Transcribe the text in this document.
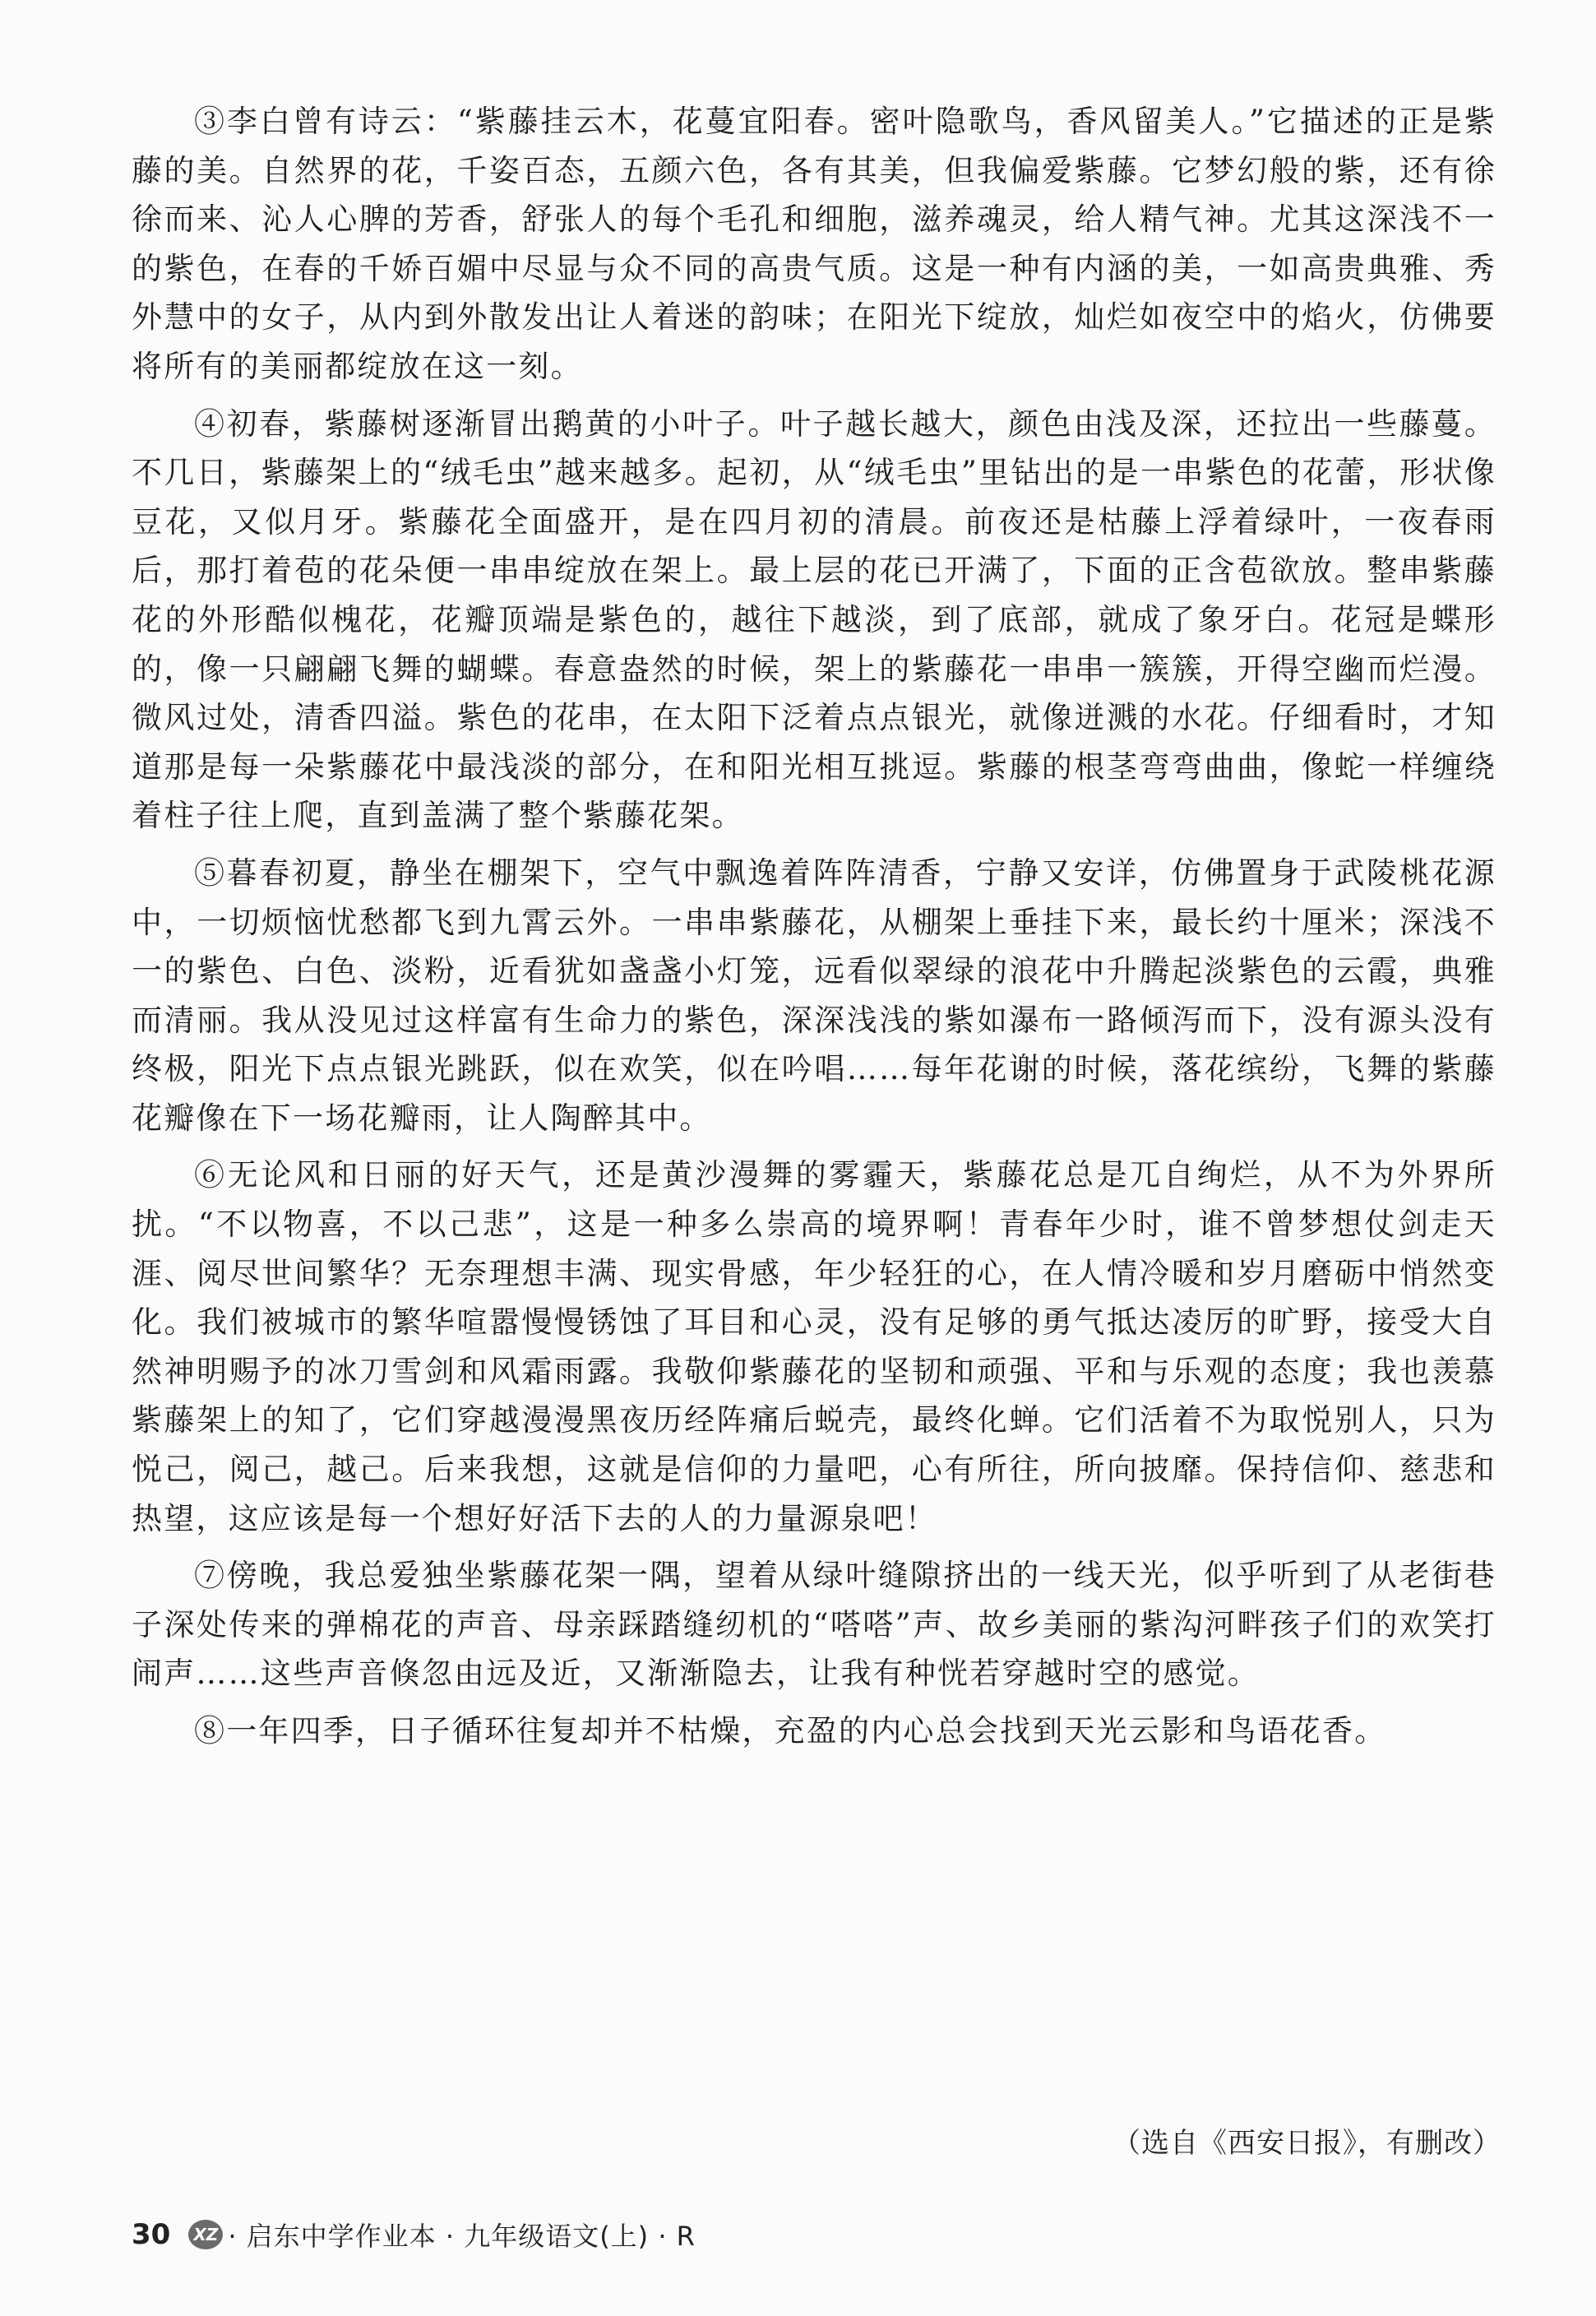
③李白曾有诗云：“紫藤挂云木，花蔓宜阳春。密叶隐歌鸟，香风留美人。”它描述的正是紫藤的美。自然界的花，千姿百态，五颜六色，各有其美，但我偏爱紫藤。它梦幻般的紫，还有徐徐而来、沁人心脾的芳香，舒张人的每个毛孔和细胞，滋养魂灵，给人精气神。尤其这深浅不一的紫色，在春的千娇百媚中尽显与众不同的高贵气质。这是一种有内涵的美，一如高贵典雅、秀外慧中的女子，从内到外散发出让人着迷的韵味；在阳光下绽放，灿烂如夜空中的焰火，仿佛要将所有的美丽都绽放在这一刻。

④初春，紫藤树逐渐冒出鹅黄的小叶子。叶子越长越大，颜色由浅及深，还拉出一些藤蔓。不几日，紫藤架上的“绒毛虫”越来越多。起初，从“绒毛虫”里钻出的是一串紫色的花蕾，形状像豆花，又似月牙。紫藤花全面盛开，是在四月初的清晨。前夜还是枯藤上浮着绿叶，一夜春雨后，那打着苞的花朵便一串串绽放在架上。最上层的花已开满了，下面的正含苞欲放。整串紫藤花的外形酷似槐花，花瓣顶端是紫色的，越往下越淡，到了底部，就成了象牙白。花冠是蝶形的，像一只翩翩飞舞的蝴蝶。春意盎然的时候，架上的紫藤花一串串一簇簇，开得空幽而烂漫。微风过处，清香四溢。紫色的花串，在太阳下泛着点点银光，就像迸溅的水花。仔细看时，才知道那是每一朵紫藤花中最浅淡的部分，在和阳光相互挑逗。紫藤的根茎弯弯曲曲，像蛇一样缠绕着柱子往上爬，直到盖满了整个紫藤花架。

⑤暮春初夏，静坐在棚架下，空气中飘逸着阵阵清香，宁静又安详，仿佛置身于武陵桃花源中，一切烦恼忧愁都飞到九霄云外。一串串紫藤花，从棚架上垂挂下来，最长约十厘米；深浅不一的紫色、白色、淡粉，近看犹如盏盏小灯笼，远看似翠绿的浪花中升腾起淡紫色的云霞，典雅而清丽。我从没见过这样富有生命力的紫色，深深浅浅的紫如瀑布一路倾泻而下，没有源头没有终极，阳光下点点银光跳跃，似在欢笑，似在吟唱……每年花谢的时候，落花缤纷，飞舞的紫藤花瓣像在下一场花瓣雨，让人陶醉其中。

⑥无论风和日丽的好天气，还是黄沙漫舞的雾霾天，紫藤花总是兀自绚烂，从不为外界所扰。“不以物喜，不以己悲”，这是一种多么崇高的境界啊！青春年少时，谁不曾梦想仗剑走天涯、阅尽世间繁华？无奈理想丰满、现实骨感，年少轻狂的心，在人情冷暖和岁月磨砺中悄然变化。我们被城市的繁华喧嚣慢慢锈蚀了耳目和心灵，没有足够的勇气抵达凌厉的旷野，接受大自然神明赐予的冰刀雪剑和风霜雨露。我敬仰紫藤花的坚韧和顽强、平和与乐观的态度；我也羡慕紫藤架上的知了，它们穿越漫漫黑夜历经阵痛后蜕壳，最终化蝉。它们活着不为取悦别人，只为悦己，阅己，越己。后来我想，这就是信仰的力量吧，心有所往，所向披靡。保持信仰、慈悲和热望，这应该是每一个想好好活下去的人的力量源泉吧！

⑦傍晚，我总爱独坐紫藤花架一隅，望着从绿叶缝隙挤出的一线天光，似乎听到了从老街巷子深处传来的弹棉花的声音、母亲踩踏缝纫机的“嗒嗒”声、故乡美丽的紫沟河畔孩子们的欢笑打闹声……这些声音倏忽由远及近，又渐渐隐去，让我有种恍若穿越时空的感觉。

⑧一年四季，日子循环往复却并不枯燥，充盈的内心总会找到天光云影和鸟语花香。

（选自《西安日报》，有删改）
30	XZ · 启东中学作业本 · 九年级语文(上) · R
